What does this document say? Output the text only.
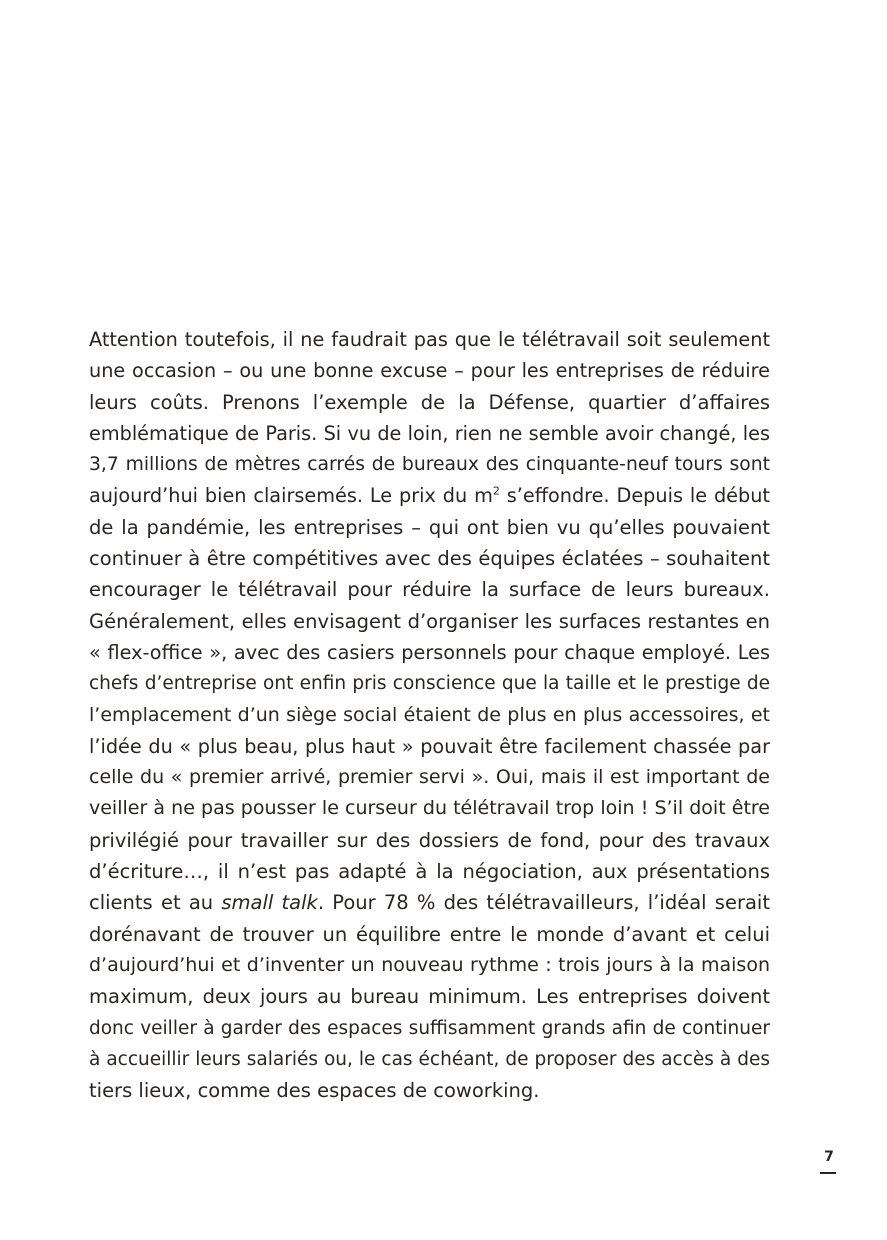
Attention toutefois, il ne faudrait pas que le télétravail soit seulement
une occasion – ou une bonne excuse – pour les entreprises de réduire
leurs coûts. Prenons l’exemple de la Défense, quartier d’affaires
emblématique de Paris. Si vu de loin, rien ne semble avoir changé, les
3,7 millions de mètres carrés de bureaux des cinquante-neuf tours sont
aujourd’hui bien clairsemés. Le prix du $m^2$ s’effondre. Depuis le début
de la pandémie, les entreprises – qui ont bien vu qu’elles pouvaient
continuer à être compétitives avec des équipes éclatées – souhaitent
encourager le télétravail pour réduire la surface de leurs bureaux.
Généralement, elles envisagent d’organiser les surfaces restantes en
« flex-office », avec des casiers personnels pour chaque employé. Les
chefs d’entreprise ont enfin pris conscience que la taille et le prestige de
l’emplacement d’un siège social étaient de plus en plus accessoires, et
l’idée du « plus beau, plus haut » pouvait être facilement chassée par
celle du « premier arrivé, premier servi ». Oui, mais il est important de
veiller à ne pas pousser le curseur du télétravail trop loin ! S’il doit être
privilégié pour travailler sur des dossiers de fond, pour des travaux
d’écriture…, il n’est pas adapté à la négociation, aux présentations
clients et au small talk. Pour 78 % des télétravailleurs, l’idéal serait
dorénavant de trouver un équilibre entre le monde d’avant et celui
d’aujourd’hui et d’inventer un nouveau rythme : trois jours à la maison
maximum, deux jours au bureau minimum. Les entreprises doivent
donc veiller à garder des espaces suffisamment grands afin de continuer
à accueillir leurs salariés ou, le cas échéant, de proposer des accès à des
tiers lieux, comme des espaces de coworking.
7
